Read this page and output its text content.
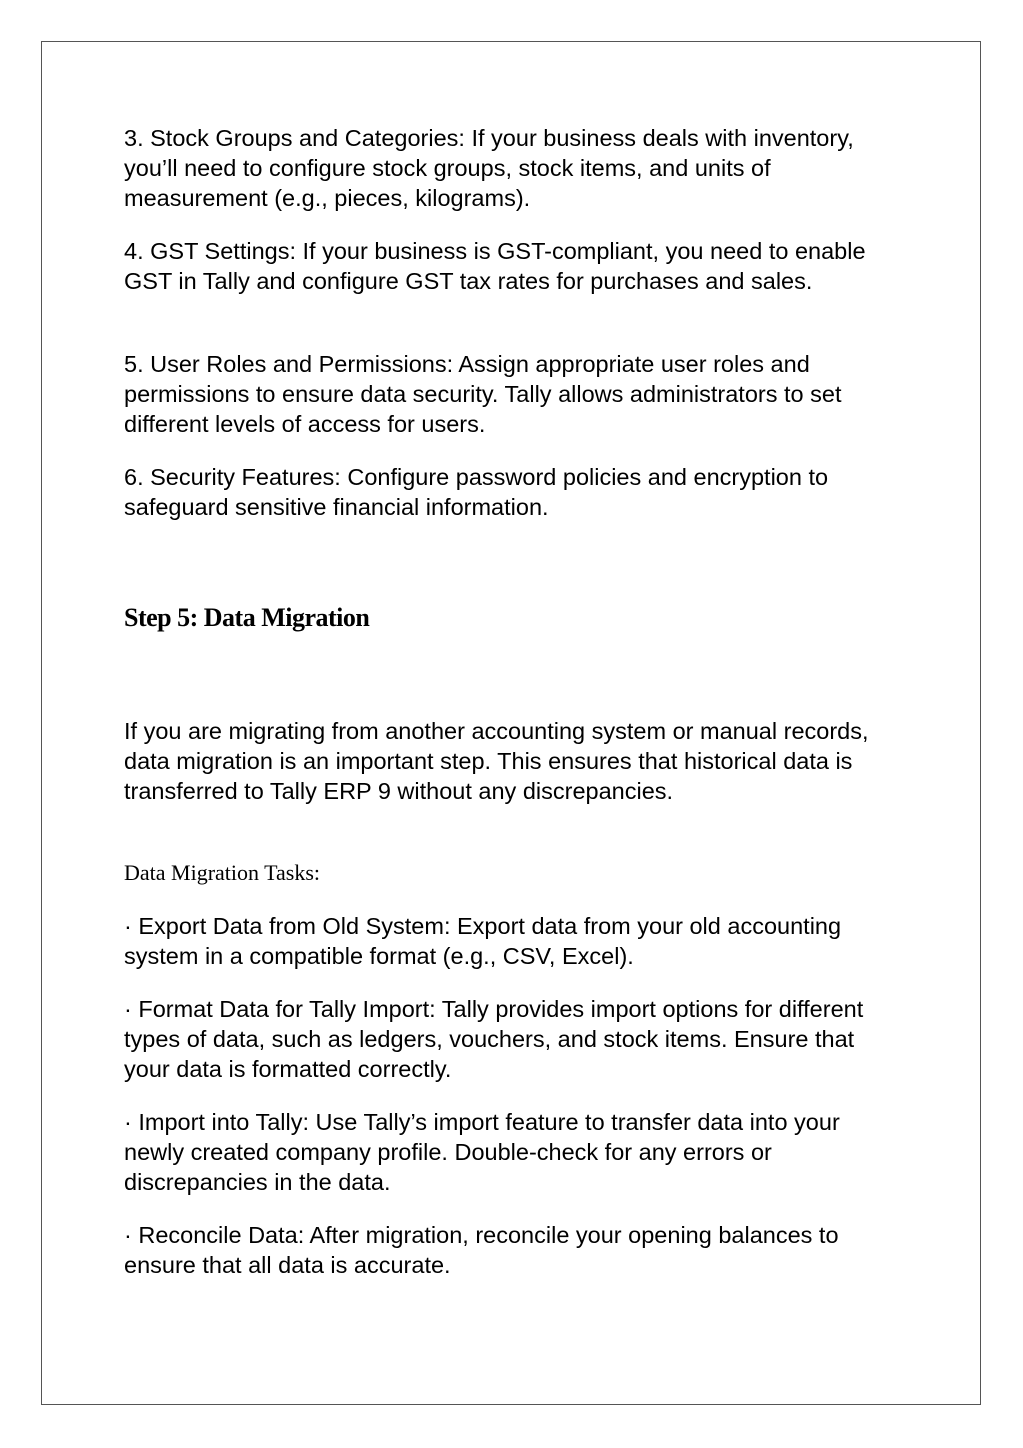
3. Stock Groups and Categories: If your business deals with inventory, you’ll need to configure stock groups, stock items, and units of measurement (e.g., pieces, kilograms).

4. GST Settings: If your business is GST-compliant, you need to enable GST in Tally and configure GST tax rates for purchases and sales.

5. User Roles and Permissions: Assign appropriate user roles and permissions to ensure data security. Tally allows administrators to set different levels of access for users.

6. Security Features: Configure password policies and encryption to safeguard sensitive financial information.

Step 5: Data Migration

If you are migrating from another accounting system or manual records, data migration is an important step. This ensures that historical data is transferred to Tally ERP 9 without any discrepancies.

Data Migration Tasks:

· Export Data from Old System: Export data from your old accounting system in a compatible format (e.g., CSV, Excel).

· Format Data for Tally Import: Tally provides import options for different types of data, such as ledgers, vouchers, and stock items. Ensure that your data is formatted correctly.

· Import into Tally: Use Tally’s import feature to transfer data into your newly created company profile. Double-check for any errors or discrepancies in the data.

· Reconcile Data: After migration, reconcile your opening balances to ensure that all data is accurate.
